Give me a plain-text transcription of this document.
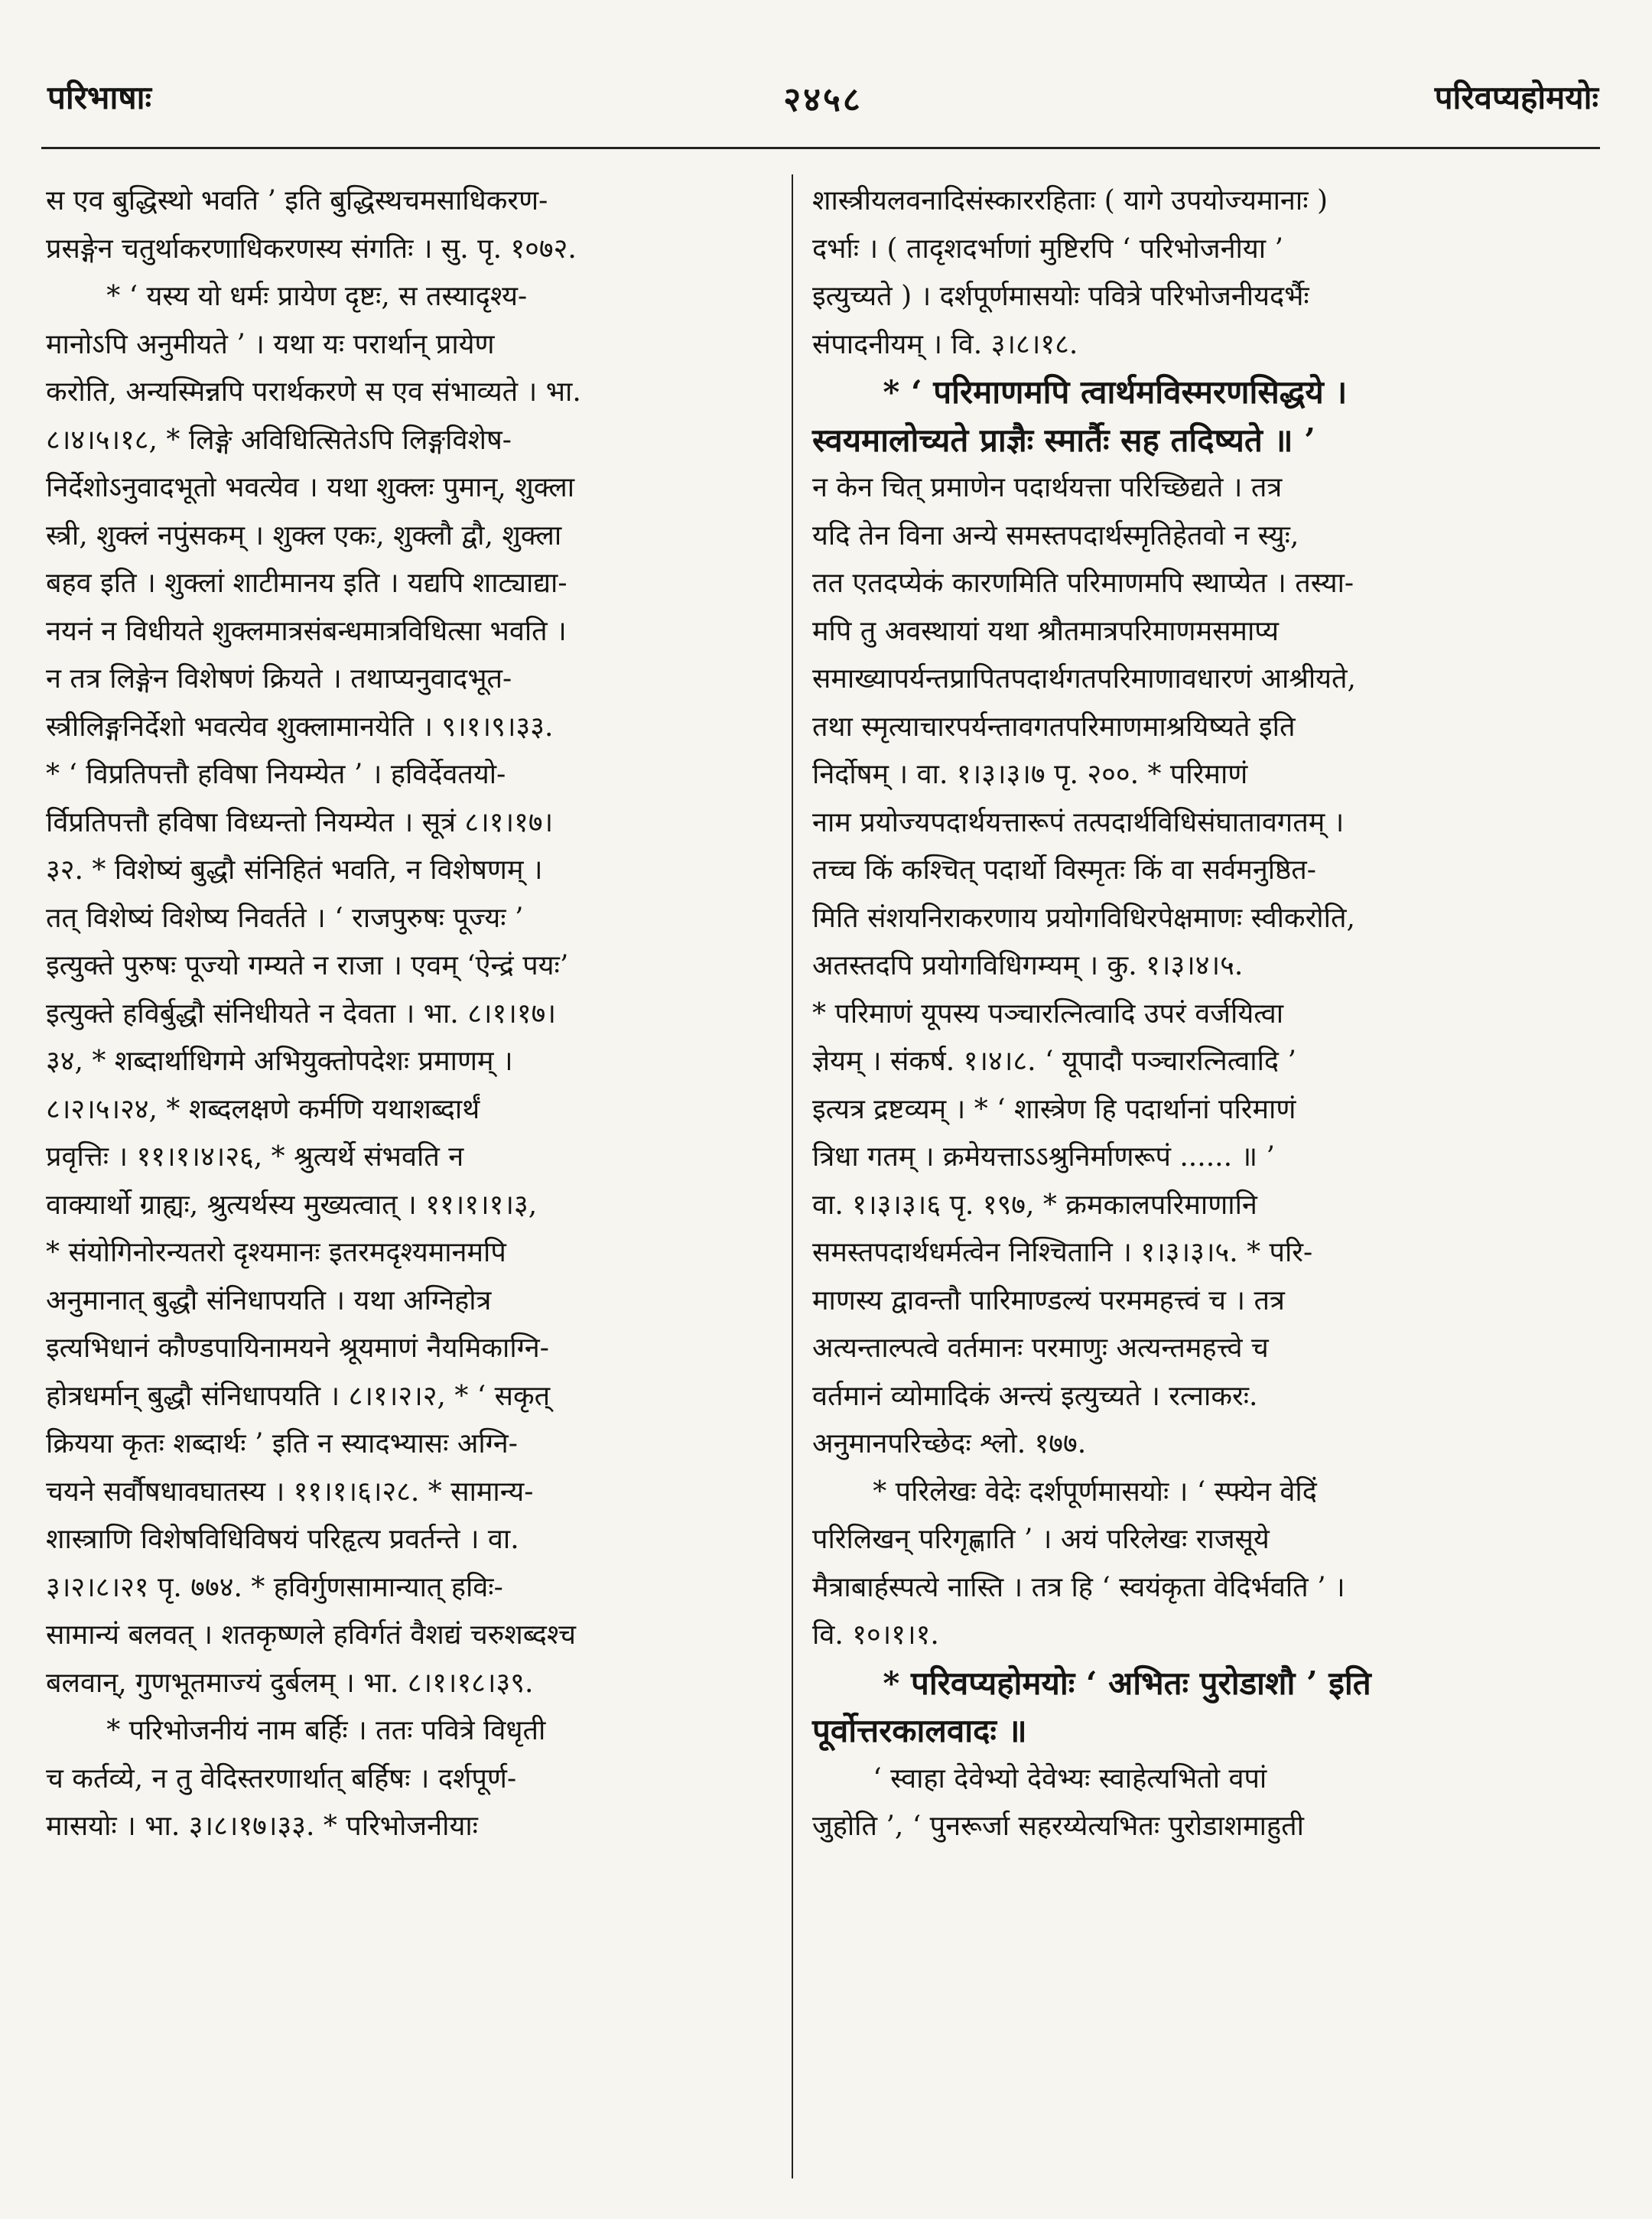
परिभाषाः	२४५८	परिवप्यहोमयोः

स एव बुद्धिस्थो भवति ’ इति बुद्धिस्थचमसाधिकरण-

प्रसङ्गेन चतुर्थाकरणाधिकरणस्य संगतिः । सु. पृ. १०७२.

* ‘ यस्य यो धर्मः प्रायेण दृष्टः, स तस्यादृश्य-

मानोऽपि अनुमीयते ’ । यथा यः परार्थान् प्रायेण

करोति, अन्यस्मिन्नपि परार्थकरणे स एव संभाव्यते । भा.

८।४।५।१८, * लिङ्गे अविधित्सितेऽपि लिङ्गविशेष-

निर्देशोऽनुवादभूतो भवत्येव । यथा शुक्लः पुमान्, शुक्ला

स्त्री, शुक्लं नपुंसकम् । शुक्ल एकः, शुक्लौ द्वौ, शुक्ला

बहव इति । शुक्लां शाटीमानय इति । यद्यपि शाट्याद्या-

नयनं न विधीयते शुक्लमात्रसंबन्धमात्रविधित्सा भवति ।

न तत्र लिङ्गेन विशेषणं क्रियते । तथाप्यनुवादभूत-

स्त्रीलिङ्गनिर्देशो भवत्येव शुक्लामानयेति । ९।१।९।३३.

* ‘ विप्रतिपत्तौ हविषा नियम्येत ’ । हविर्देवतयो-

र्विप्रतिपत्तौ हविषा विध्यन्तो नियम्येत । सूत्रं ८।१।१७।

३२. * विशेष्यं बुद्धौ संनिहितं भवति, न विशेषणम् ।

तत् विशेष्यं विशेष्य निवर्तते । ‘ राजपुरुषः पूज्यः ’

इत्युक्ते पुरुषः पूज्यो गम्यते न राजा । एवम् ‘ऐन्द्रं पयः’

इत्युक्ते हविर्बुद्धौ संनिधीयते न देवता । भा. ८।१।१७।

३४, * शब्दार्थाधिगमे अभियुक्तोपदेशः प्रमाणम् ।

८।२।५।२४, * शब्दलक्षणे कर्मणि यथाशब्दार्थं

प्रवृत्तिः । ११।१।४।२६, * श्रुत्यर्थे संभवति न

वाक्यार्थो ग्राह्यः, श्रुत्यर्थस्य मुख्यत्वात् । ११।१।१।३,

* संयोगिनोरन्यतरो दृश्यमानः इतरमदृश्यमानमपि

अनुमानात् बुद्धौ संनिधापयति । यथा अग्निहोत्र

इत्यभिधानं कौण्डपायिनामयने श्रूयमाणं नैयमिकाग्नि-

होत्रधर्मान् बुद्धौ संनिधापयति । ८।१।२।२, * ‘ सकृत्

क्रियया कृतः शब्दार्थः ’ इति न स्यादभ्यासः अग्नि-

चयने सर्वौषधावघातस्य । ११।१।६।२८. * सामान्य-

शास्त्राणि विशेषविधिविषयं परिहृत्य प्रवर्तन्ते । वा.

३।२।८।२१ पृ. ७७४. * हविर्गुणसामान्यात् हविः-

सामान्यं बलवत् । शतकृष्णले हविर्गतं वैशद्यं चरुशब्दश्च

बलवान्, गुणभूतमाज्यं दुर्बलम् । भा. ८।१।१८।३९.

* परिभोजनीयं नाम बर्हिः । ततः पवित्रे विधृती

च कर्तव्ये, न तु वेदिस्तरणार्थात् बर्हिषः । दर्शपूर्ण-

मासयोः । भा. ३।८।१७।३३. * परिभोजनीयाः

शास्त्रीयलवनादिसंस्काररहिताः ( यागे उपयोज्यमानाः )

दर्भाः । ( तादृशदर्भाणां मुष्टिरपि ‘ परिभोजनीया ’

इत्युच्यते ) । दर्शपूर्णमासयोः पवित्रे परिभोजनीयदर्भैः

संपादनीयम् । वि. ३।८।१८.

* ‘ परिमाणमपि त्वार्थमविस्मरणसिद्धये ।

स्वयमालोच्यते प्राज्ञैः स्मार्तैः सह तदिष्यते ॥ ’

न केन चित् प्रमाणेन पदार्थयत्ता परिच्छिद्यते । तत्र

यदि तेन विना अन्ये समस्तपदार्थस्मृतिहेतवो न स्युः,

तत एतदप्येकं कारणमिति परिमाणमपि स्थाप्येत । तस्या-

मपि तु अवस्थायां यथा श्रौतमात्रपरिमाणमसमाप्य

समाख्यापर्यन्तप्रापितपदार्थगतपरिमाणावधारणं आश्रीयते,

तथा स्मृत्याचारपर्यन्तावगतपरिमाणमाश्रयिष्यते इति

निर्दोषम् । वा. १।३।३।७ पृ. २००. * परिमाणं

नाम प्रयोज्यपदार्थयत्तारूपं तत्पदार्थविधिसंघातावगतम् ।

तच्च किं कश्चित् पदार्थो विस्मृतः किं वा सर्वमनुष्ठित-

मिति संशयनिराकरणाय प्रयोगविधिरपेक्षमाणः स्वीकरोति,

अतस्तदपि प्रयोगविधिगम्यम् । कु. १।३।४।५.

* परिमाणं यूपस्य पञ्चारत्नित्वादि उपरं वर्जयित्वा

ज्ञेयम् । संकर्ष. १।४।८. ‘ यूपादौ पञ्चारत्नित्वादि ’

इत्यत्र द्रष्टव्यम् । * ‘ शास्त्रेण हि पदार्थानां परिमाणं

त्रिधा गतम् । क्रमेयत्ताऽऽश्रुनिर्माणरूपं ...... ॥ ’

वा. १।३।३।६ पृ. १९७, * क्रमकालपरिमाणानि

समस्तपदार्थधर्मत्वेन निश्चितानि । १।३।३।५. * परि-

माणस्य द्वावन्तौ पारिमाण्डल्यं परममहत्त्वं च । तत्र

अत्यन्ताल्पत्वे वर्तमानः परमाणुः अत्यन्तमहत्त्वे च

वर्तमानं व्योमादिकं अन्त्यं इत्युच्यते । रत्नाकरः.

अनुमानपरिच्छेदः श्लो. १७७.

* परिलेखः वेदेः दर्शपूर्णमासयोः । ‘ स्फ्येन वेदिं

परिलिखन् परिगृह्णाति ’ । अयं परिलेखः राजसूये

मैत्राबार्हस्पत्ये नास्ति । तत्र हि ‘ स्वयंकृता वेदिर्भवति ’ ।

वि. १०।१।१.

* परिवप्यहोमयोः ‘ अभितः पुरोडाशौ ’ इति

पूर्वोत्तरकालवादः ॥

‘ स्वाहा देवेभ्यो देवेभ्यः स्वाहेत्यभितो वपां

जुहोति ’, ‘ पुनरूर्जा सहरय्येत्यभितः पुरोडाशमाहुती
